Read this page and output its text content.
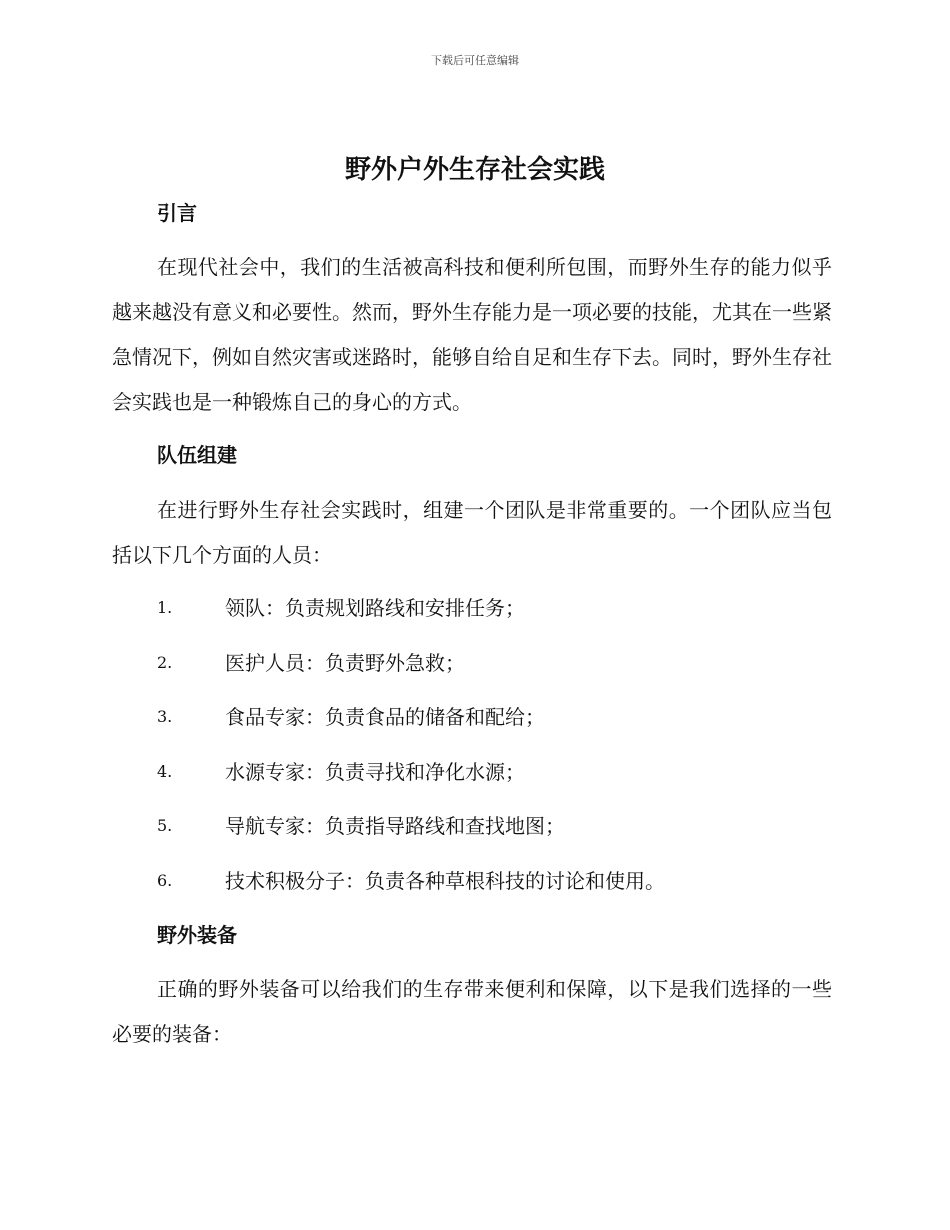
下载后可任意编辑
野外户外生存社会实践
引言

在现代社会中，我们的生活被高科技和便利所包围，而野外生存的能力似乎越来越没有意义和必要性。然而，野外生存能力是一项必要的技能，尤其在一些紧急情况下，例如自然灾害或迷路时，能够自给自足和生存下去。同时，野外生存社会实践也是一种锻炼自己的身心的方式。

队伍组建

在进行野外生存社会实践时，组建一个团队是非常重要的。一个团队应当包括以下几个方面的人员：

1.	领队：负责规划路线和安排任务；
2.	医护人员：负责野外急救；
3.	食品专家：负责食品的储备和配给；
4.	水源专家：负责寻找和净化水源；
5.	导航专家：负责指导路线和查找地图；
6.	技术积极分子：负责各种草根科技的讨论和使用。
野外装备

正确的野外装备可以给我们的生存带来便利和保障，以下是我们选择的一些必要的装备：
